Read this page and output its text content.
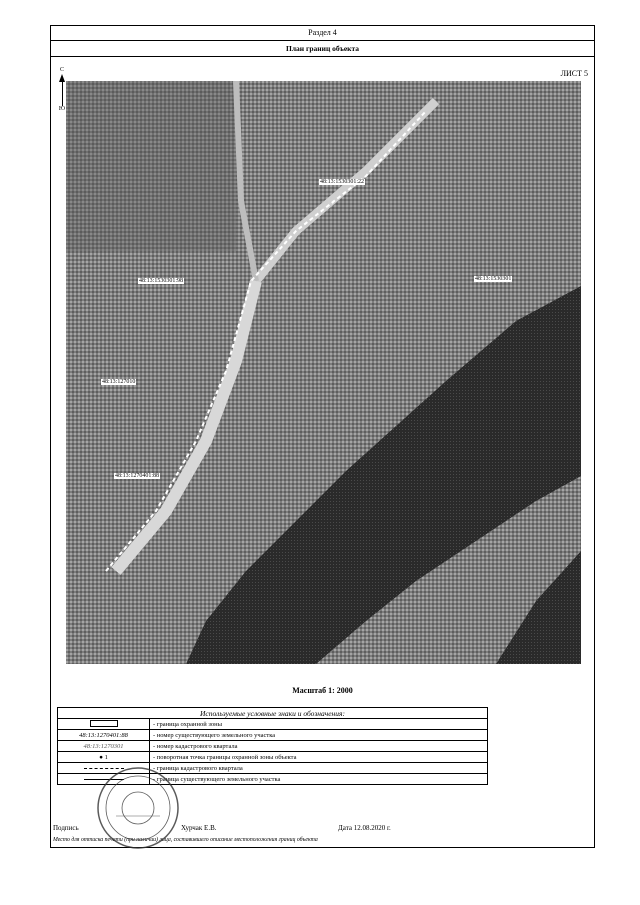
Раздел 4
План границ объекта
ЛИСТ 5
С
Ю
48:13:1530301:22
48:13:1530301:98	48:13:1530301
48:13:127010
48:13:1270401:88
Масштаб 1: 2000
Используемые условные знаки и обозначения:	
	- граница охранной зоны
48:13:1270401:88	- номер существующего земельного участка
48:13:1270301	- номер кадастрового квартала
● 1	- поворотная точка границы охранной зоны объекта
	- граница кадастрового квартала
	- граница существующего земельного участка
Подпись	Хурчак Е.В.	Дата 12.08.2020 г.
Место для оттиска печати (при наличии) лица, составившего описание местоположения границ объекта
